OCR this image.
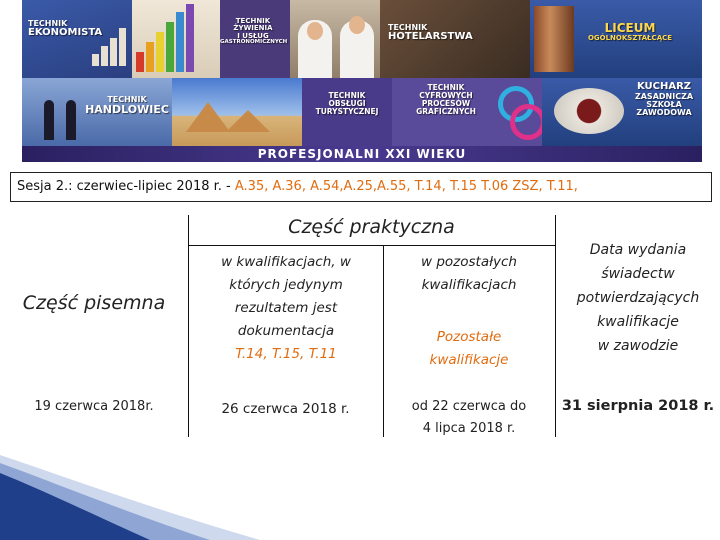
TECHNIK
EKONOMISTA
TECHNIK
ŻYWIENIA
I USŁUG
GASTRONOMICZNYCH
TECHNIK
HOTELARSTWA
LICEUM
OGÓLNOKSZTAŁCĄCE
TECHNIK
HANDLOWIEC
TECHNIK
OBSŁUGI
TURYSTYCZNEJ
TECHNIK
CYFROWYCH
PROCESÓW
GRAFICZNYCH
KUCHARZ
ZASADNICZA
SZKOŁA
ZAWODOWA
PROFESJONALNI XXI WIEKU
Sesja 2.: czerwiec-lipiec 2018 r. - A.35, A.36, A.54,A.25,A.55, T.14, T.15 T.06 ZSZ, T.11,
Część pisemna
Część praktyczna
w kwalifikacjach, w
których jedynym
rezultatem jest
dokumentacja
T.14, T.15, T.11
w pozostałych
kwalifikacjach
Pozostałe
kwalifikacje
Data wydania
świadectw
potwierdzających
kwalifikacje
w zawodzie
19 czerwca 2018r.	26 czerwca 2018 r.	od 22 czerwca do
4 lipca 2018 r.
31 sierpnia 2018 r.
